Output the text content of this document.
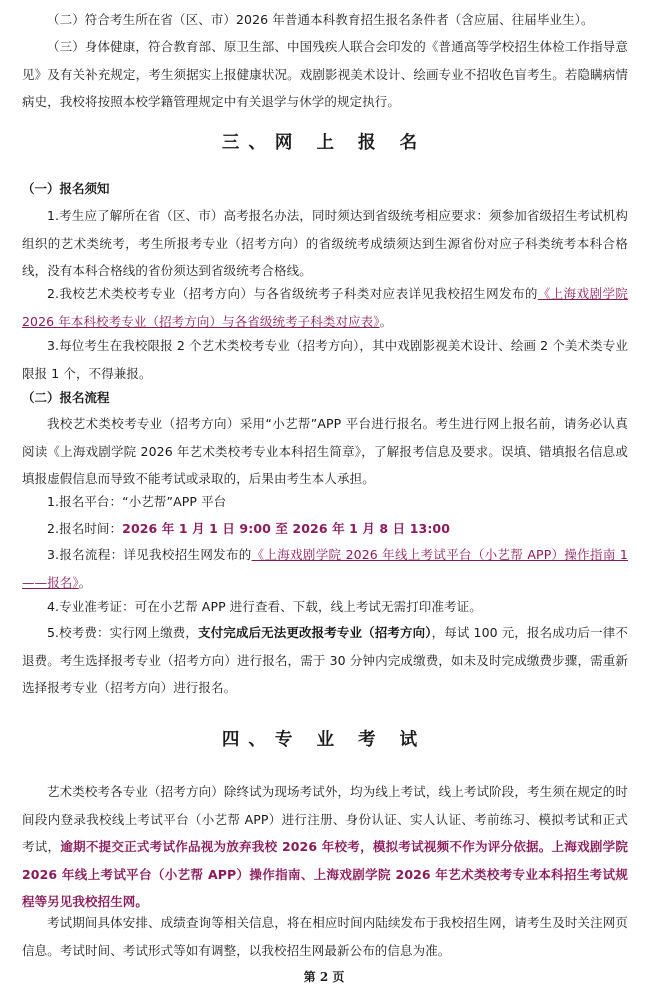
（二）符合考生所在省（区、市）2026 年普通本科教育招生报名条件者（含应届、往届毕业生）。

（三）身体健康，符合教育部、原卫生部、中国残疾人联合会印发的《普通高等学校招生体检工作指导意见》及有关补充规定，考生须据实上报健康状况。戏剧影视美术设计、绘画专业不招收色盲考生。若隐瞒病情病史，我校将按照本校学籍管理规定中有关退学与休学的规定执行。

三、网 上 报 名

（一）报名须知

1.考生应了解所在省（区、市）高考报名办法，同时须达到省级统考相应要求：须参加省级招生考试机构组织的艺术类统考，考生所报考专业（招考方向）的省级统考成绩须达到生源省份对应子科类统考本科合格线，没有本科合格线的省份须达到省级统考合格线。

2.我校艺术类校考专业（招考方向）与各省级统考子科类对应表详见我校招生网发布的《上海戏剧学院 2026 年本科校考专业（招考方向）与各省级统考子科类对应表》。

3.每位考生在我校限报 2 个艺术类校考专业（招考方向），其中戏剧影视美术设计、绘画 2 个美术类专业限报 1 个，不得兼报。

（二）报名流程

我校艺术类校考专业（招考方向）采用“小艺帮”APP 平台进行报名。考生进行网上报名前，请务必认真阅读《上海戏剧学院 2026 年艺术类校考专业本科招生简章》，了解报考信息及要求。误填、错填报名信息或填报虚假信息而导致不能考试或录取的，后果由考生本人承担。

1.报名平台：“小艺帮”APP 平台

2.报名时间：2026 年 1 月 1 日 9:00 至 2026 年 1 月 8 日 13:00

3.报名流程：详见我校招生网发布的《上海戏剧学院 2026 年线上考试平台（小艺帮 APP）操作指南 1——报名》。

4.专业准考证：可在小艺帮 APP 进行查看、下载，线上考试无需打印准考证。

5.校考费：实行网上缴费，支付完成后无法更改报考专业（招考方向），每试 100 元，报名成功后一律不退费。考生选择报考专业（招考方向）进行报名，需于 30 分钟内完成缴费，如未及时完成缴费步骤，需重新选择报考专业（招考方向）进行报名。

四、专 业 考 试

艺术类校考各专业（招考方向）除终试为现场考试外，均为线上考试，线上考试阶段，考生须在规定的时间段内登录我校线上考试平台（小艺帮 APP）进行注册、身份认证、实人认证、考前练习、模拟考试和正式考试，逾期不提交正式考试作品视为放弃我校 2026 年校考，模拟考试视频不作为评分依据。上海戏剧学院 2026 年线上考试平台（小艺帮 APP）操作指南、上海戏剧学院 2026 年艺术类校考专业本科招生考试规程等另见我校招生网。

考试期间具体安排、成绩查询等相关信息，将在相应时间内陆续发布于我校招生网，请考生及时关注网页信息。考试时间、考试形式等如有调整，以我校招生网最新公布的信息为准。

第 2 页
